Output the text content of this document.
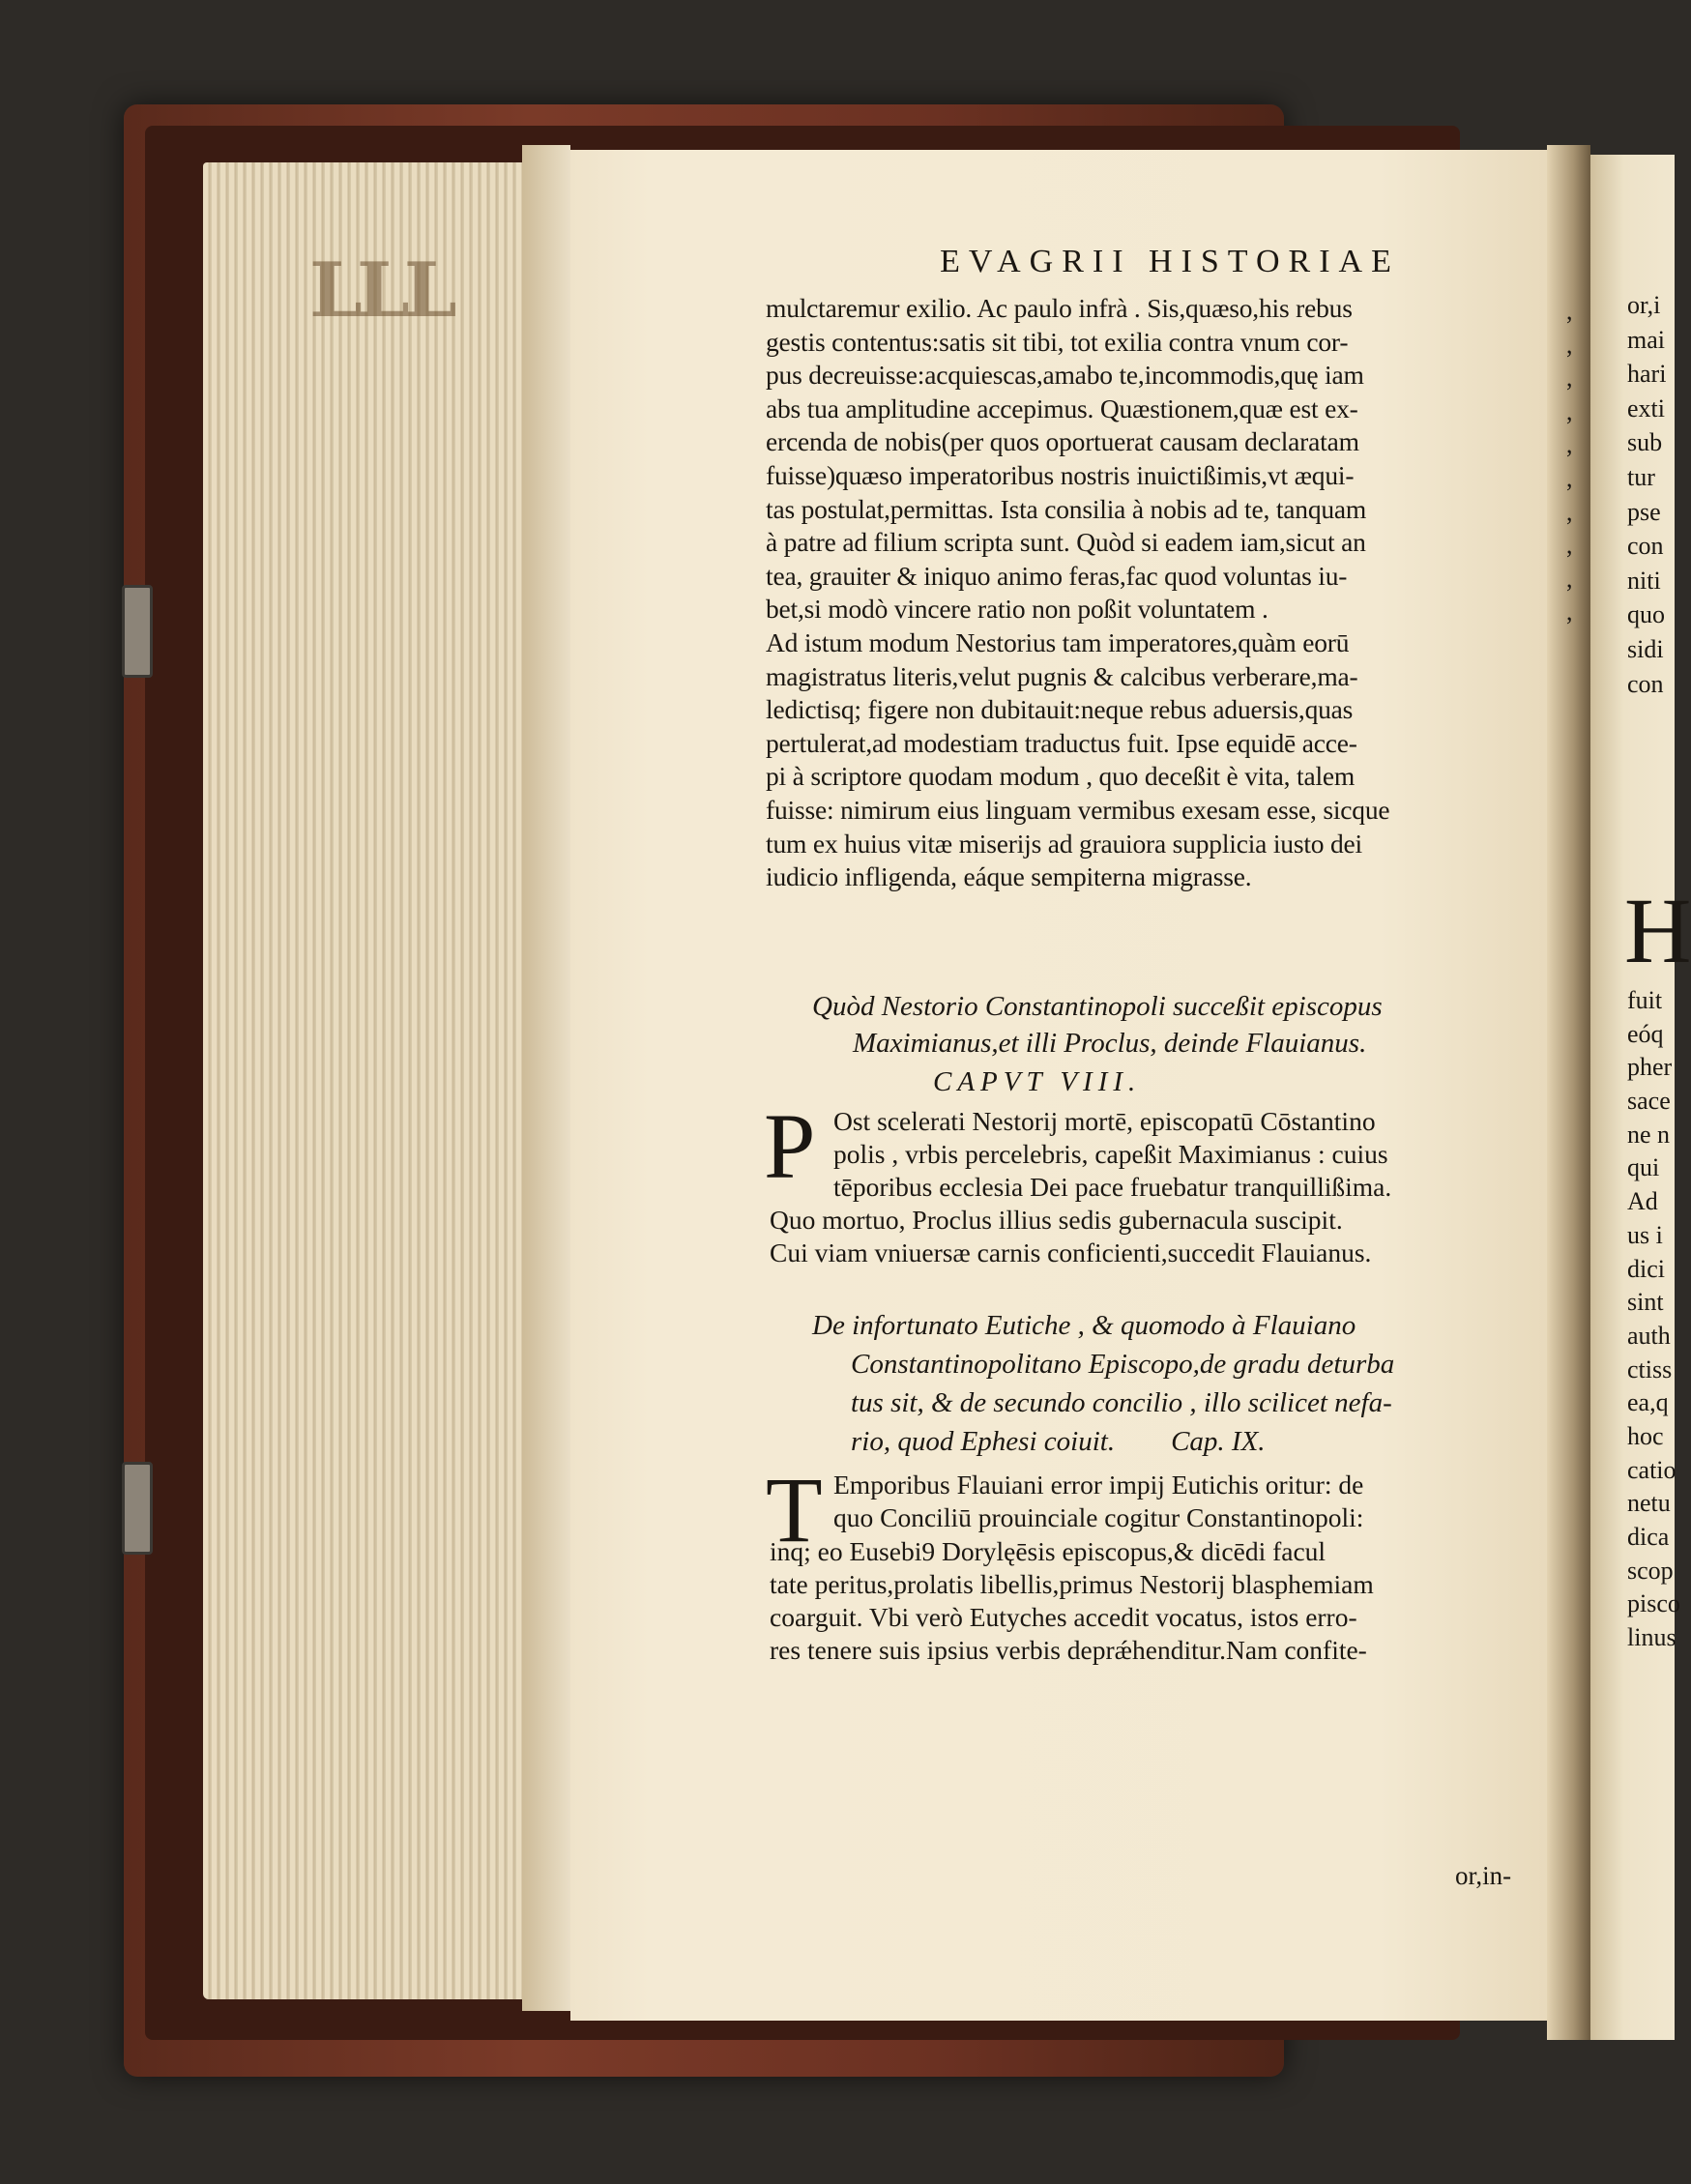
LLL	EVAGRII HISTORIAE
mulctaremur exilio. Ac paulo infrà . Sis,quæso,his rebus
gestis contentus:satis sit tibi, tot exilia contra vnum cor-
pus decreuisse:acquiescas,amabo te,incommodis,quę iam
abs tua amplitudine accepimus. Quæstionem,quæ est ex-
ercenda de nobis(per quos oportuerat causam declaratam
fuisse)quæso imperatoribus nostris inuictißimis,vt æqui-
tas postulat,permittas. Ista consilia à nobis ad te, tanquam
à patre ad filium scripta sunt. Quòd si eadem iam,sicut an
tea, grauiter & iniquo animo feras,fac quod voluntas iu-
bet,si modò vincere ratio non poßit voluntatem .
Ad istum modum Nestorius tam imperatores,quàm eorū
magistratus literis,velut pugnis & calcibus verberare,ma-
ledictisq; figere non dubitauit:neque rebus aduersis,quas
pertulerat,ad modestiam traductus fuit. Ipse equidē acce-
pi à scriptore quodam modum , quo deceßit è vita, talem
fuisse: nimirum eius linguam vermibus exesam esse, sicque
tum ex huius vitæ miserijs ad grauiora supplicia iusto dei
iudicio infligenda, eáque sempiterna migrasse.
,
,
,
,
,
,
,
,
,
,
Quòd Nestorio Constantinopoli succeßit episcopus
Maximianus,et illi Proclus, deinde Flauianus.
CAPVT VIII.
P Ost scelerati Nestorij mortē, episcopatū Cōstantino
polis , vrbis percelebris, capeßit Maximianus : cuius
tēporibus ecclesia Dei pace fruebatur tranquillißima.
Quo mortuo, Proclus illius sedis gubernacula suscipit.
Cui viam vniuersæ carnis conficienti,succedit Flauianus.
De infortunato Eutiche , & quomodo à Flauiano
Constantinopolitano Episcopo,de gradu deturba
tus sit, & de secundo concilio , illo scilicet nefa-
rio, quod Ephesi coiuit.        Cap. IX.
T Emporibus Flauiani error impij Eutichis oritur: de
quo Conciliū prouinciale cogitur Constantinopoli:
inq; eo Eusebi9 Dorylęēsis episcopus,& dicēdi facul
tate peritus,prolatis libellis,primus Nestorij blasphemiam
coarguit. Vbi verò Eutyches accedit vocatus, istos erro-
res tenere suis ipsius verbis deprǽhenditur.Nam confite-
or,in-
or,i
mai
hari
exti
sub
tur
pse
con
niti
quo
sidi
con
H
fuit
eóq
pher
sace
ne n
qui
Ad
us i
dici
sint
auth
ctiss
ea,q
hoc
catio
netu
dica
scop
pisco
linus
